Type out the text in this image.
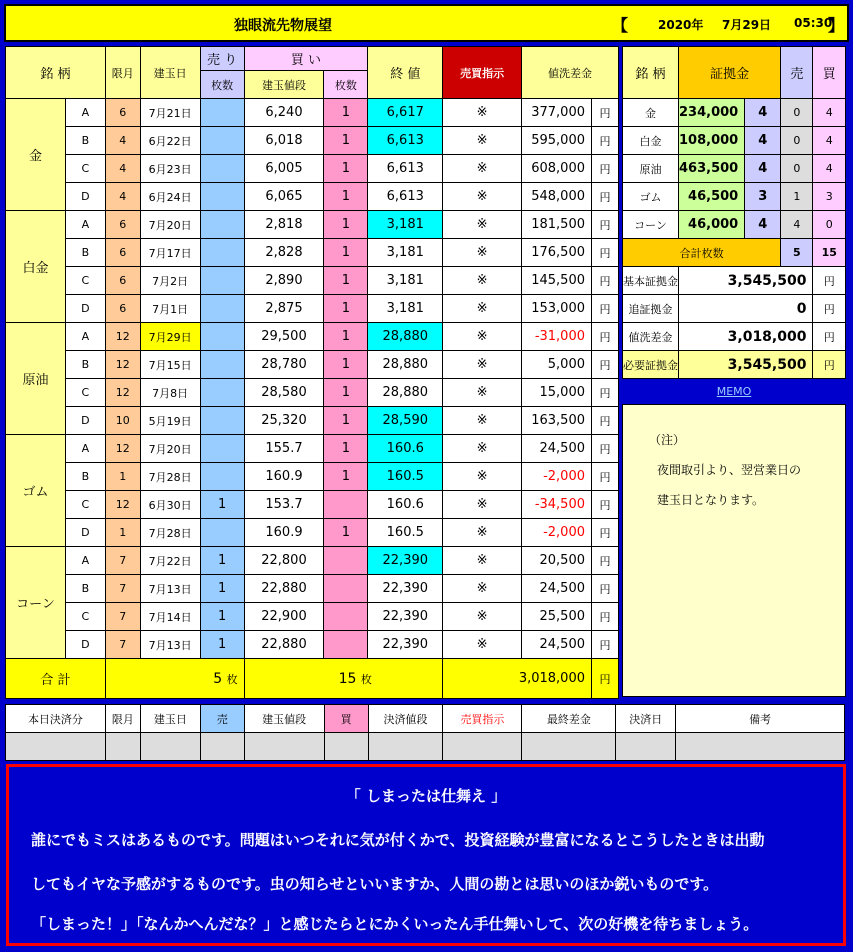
独眼流先物展望	【 2020年 7月29日 05:30
】
銘 柄		限月	建玉日	売 り	買 い		終 値	売買指示	値洗差金	
				枚数	建玉値段	枚数				
金	A	6	7月21日		6,240	1	6,617	※	377,000	円
	B	4	6月22日		6,018	1	6,613	※	595,000	円
	C	4	6月23日		6,005	1	6,613	※	608,000	円
	D	4	6月24日		6,065	1	6,613	※	548,000	円
白金	A	6	7月20日		2,818	1	3,181	※	181,500	円
	B	6	7月17日		2,828	1	3,181	※	176,500	円
	C	6	7月2日		2,890	1	3,181	※	145,500	円
	D	6	7月1日		2,875	1	3,181	※	153,000	円
原油	A	12	7月29日		29,500	1	28,880	※	-31,000	円
	B	12	7月15日		28,780	1	28,880	※	5,000	円
	C	12	7月8日		28,580	1	28,880	※	15,000	円
	D	10	5月19日		25,320	1	28,590	※	163,500	円
ゴム	A	12	7月20日		155.7	1	160.6	※	24,500	円
	B	1	7月28日		160.9	1	160.5	※	-2,000	円
	C	12	6月30日	1	153.7		160.6	※	-34,500	円
	D	1	7月28日		160.9	1	160.5	※	-2,000	円
コーン	A	7	7月22日	1	22,800		22,390	※	20,500	円
	B	7	7月13日	1	22,880		22,390	※	24,500	円
	C	7	7月14日	1	22,900		22,390	※	25,500	円
	D	7	7月13日	1	22,880		22,390	※	24,500	円
合 計		5 枚			15 枚			3,018,000		円
銘 柄	証拠金		売	買
金	234,000	4	0	4
白金	108,000	4	0	4
原油	463,500	4	0	4
ゴム	46,500	3	1	3
コーン	46,000	4	4	0
合計枚数			5	15
基本証拠金	3,545,500			円
追証拠金	0			円
値洗差金	3,018,000			円
必要証拠金	3,545,500			円
MEMO
（注）
夜間取引より、翌営業日の
建玉日となります。
本日決済分	限月	建玉日	売	建玉値段	買	決済値段	売買指示	最終差金	決済日	備考

「 しまったは仕舞え 」

誰にでもミスはあるものです。問題はいつそれに気が付くかで、投資経験が豊富になるとこうしたときは出動

してもイヤな予感がするものです。虫の知らせといいますか、人間の勘とは思いのほか鋭いものです。

「しまった！」「なんかへんだな？」と感じたらとにかくいったん手仕舞いして、次の好機を待ちましょう。
